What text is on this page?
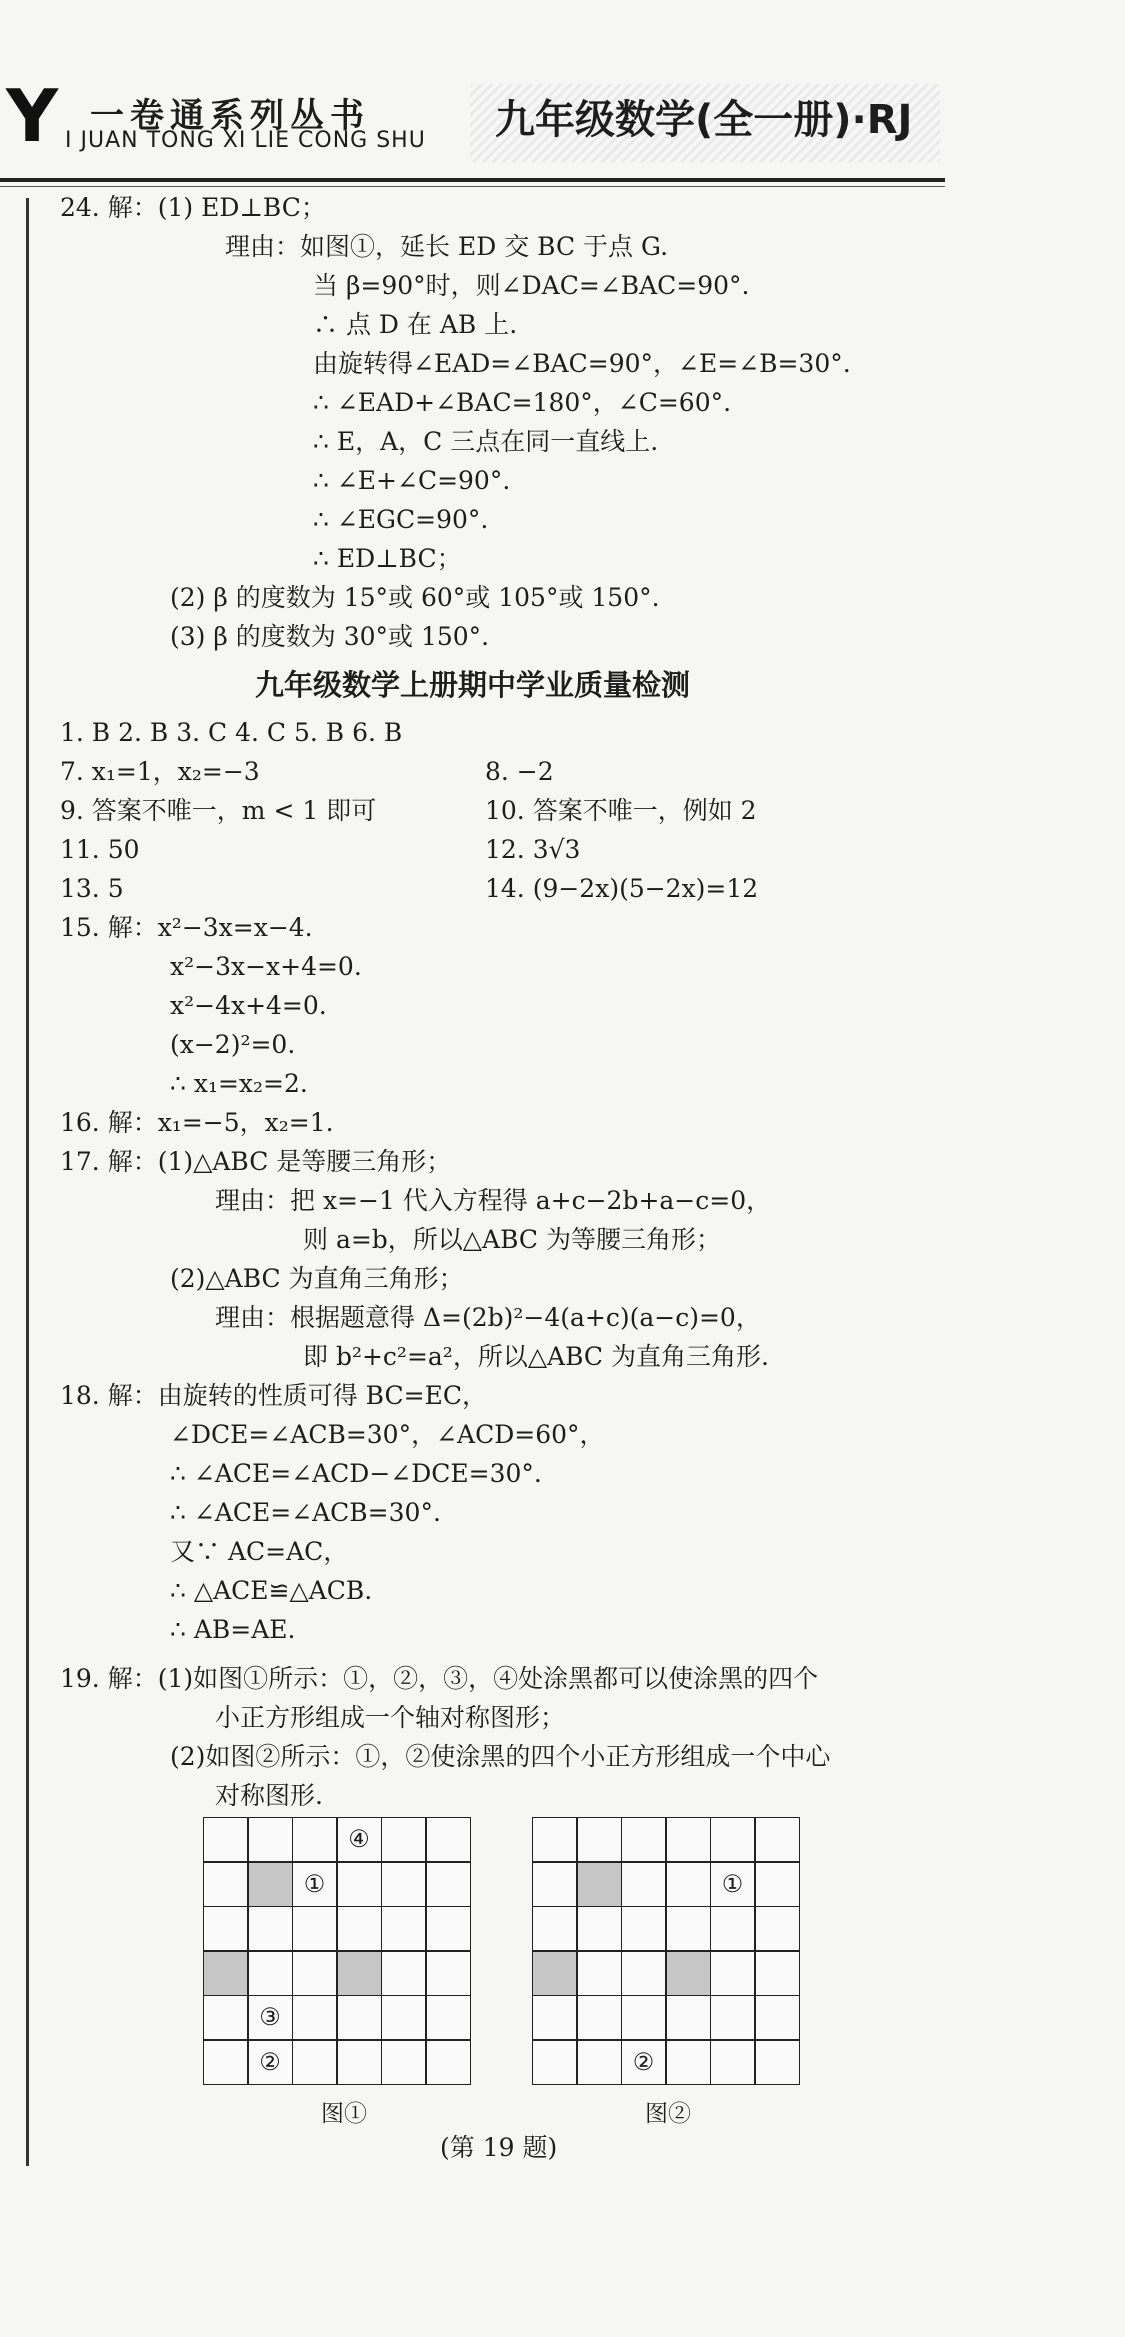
Y 一卷通系列丛书
I JUAN TONG XI LIE CONG SHU 九年级数学(全一册)·RJ
24. 解：(1) ED⊥BC；
理由：如图①，延长 ED 交 BC 于点 G.
当 β=90°时，则∠DAC=∠BAC=90°.
∴ 点 D 在 AB 上.
由旋转得∠EAD=∠BAC=90°，∠E=∠B=30°.
∴ ∠EAD+∠BAC=180°，∠C=60°.
∴ E，A，C 三点在同一直线上.
∴ ∠E+∠C=90°.
∴ ∠EGC=90°.
∴ ED⊥BC；
(2) β 的度数为 15°或 60°或 105°或 150°.
(3) β 的度数为 30°或 150°.
1. B 2. B 3. C 4. C 5. B 6. B
7. x₁=1，x₂=−3	8. −2
9. 答案不唯一，m < 1 即可	10. 答案不唯一，例如 2
11. 50	12. 3√3
13. 5	14. (9−2x)(5−2x)=12
15. 解：x²−3x=x−4.
x²−3x−x+4=0.
x²−4x+4=0.
(x−2)²=0.
∴ x₁=x₂=2.
16. 解：x₁=−5，x₂=1.
17. 解：(1)△ABC 是等腰三角形；
理由：把 x=−1 代入方程得 a+c−2b+a−c=0，
则 a=b，所以△ABC 为等腰三角形；
(2)△ABC 为直角三角形；
理由：根据题意得 Δ=(2b)²−4(a+c)(a−c)=0，
即 b²+c²=a²，所以△ABC 为直角三角形.
18. 解：由旋转的性质可得 BC=EC，
∠DCE=∠ACB=30°，∠ACD=60°，
∴ ∠ACE=∠ACD−∠DCE=30°.
∴ ∠ACE=∠ACB=30°.
又∵ AC=AC，
∴ △ACE≌△ACB.
∴ AB=AE.
19. 解：(1)如图①所示：①，②，③，④处涂黑都可以使涂黑的四个
小正方形组成一个轴对称图形；
(2)如图②所示：①，②使涂黑的四个小正方形组成一个中心
对称图形.
九年级数学上册期中学业质量检测
④
①
③
②
图①
①
②
图②
(第 19 题)
